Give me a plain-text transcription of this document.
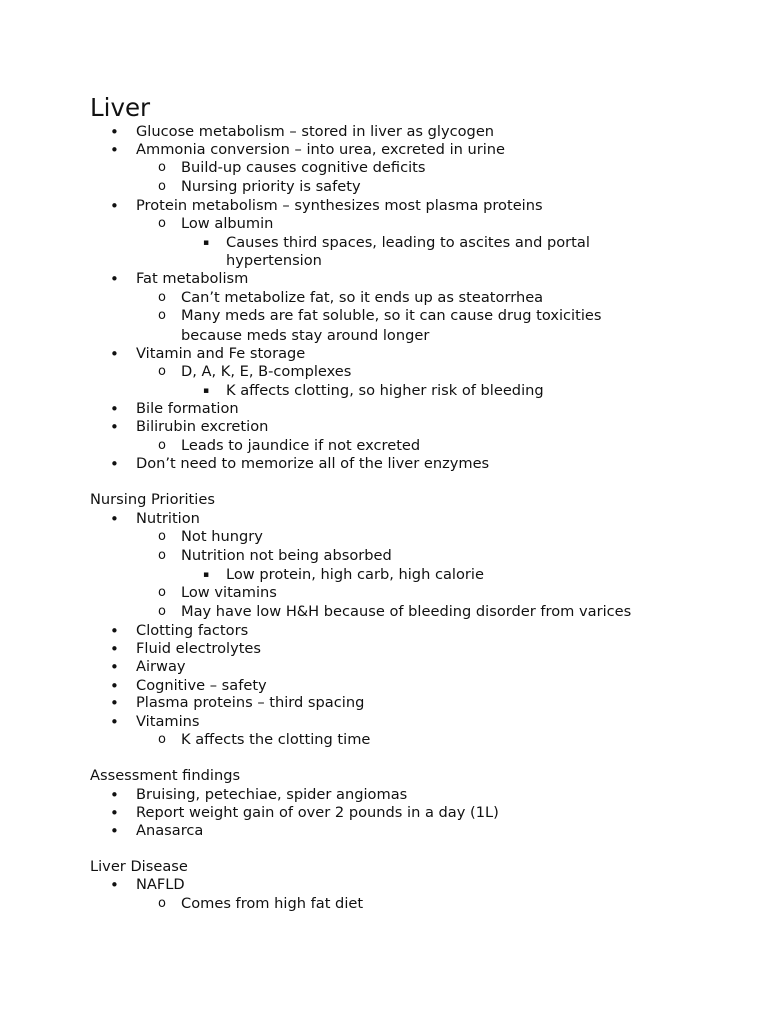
Liver
• Glucose metabolism – stored in liver as glycogen
• Ammonia conversion – into urea, excreted in urine
o Build-up causes cognitive deficits
o Nursing priority is safety
• Protein metabolism – synthesizes most plasma proteins
o Low albumin
▪ Causes third spaces, leading to ascites and portal
hypertension
• Fat metabolism
o Can’t metabolize fat, so it ends up as steatorrhea
o Many meds are fat soluble, so it can cause drug toxicities
because meds stay around longer
• Vitamin and Fe storage
o D, A, K, E, B-complexes
▪ K affects clotting, so higher risk of bleeding
• Bile formation
• Bilirubin excretion
o Leads to jaundice if not excreted
• Don’t need to memorize all of the liver enzymes
Nursing Priorities
• Nutrition
o Not hungry
o Nutrition not being absorbed
▪ Low protein, high carb, high calorie
o Low vitamins
o May have low H&H because of bleeding disorder from varices
• Clotting factors
• Fluid electrolytes
• Airway
• Cognitive – safety
• Plasma proteins – third spacing
• Vitamins
o K affects the clotting time
Assessment findings
• Bruising, petechiae, spider angiomas
• Report weight gain of over 2 pounds in a day (1L)
• Anasarca
Liver Disease
• NAFLD
o Comes from high fat diet
